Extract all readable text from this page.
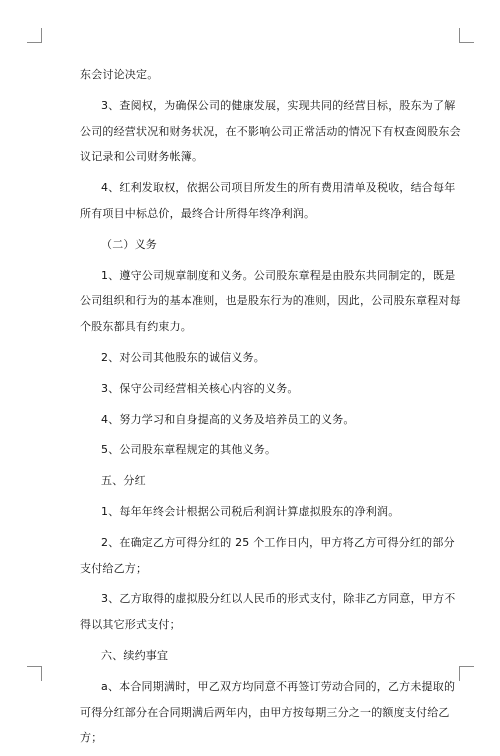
东会讨论决定。

3、查阅权，为确保公司的健康发展，实现共同的经营目标，股东为了解公司的经营状况和财务状况，在不影响公司正常活动的情况下有权查阅股东会议记录和公司财务帐簿。

4、红利发取权，依据公司项目所发生的所有费用清单及税收，结合每年所有项目中标总价，最终合计所得年终净利润。

（二）义务

1、遵守公司规章制度和义务。公司股东章程是由股东共同制定的，既是公司组织和行为的基本准则，也是股东行为的准则，因此，公司股东章程对每个股东都具有约束力。

2、对公司其他股东的诚信义务。

3、保守公司经营相关核心内容的义务。

4、努力学习和自身提高的义务及培养员工的义务。

5、公司股东章程规定的其他义务。

五、分红

1、每年年终会计根据公司税后利润计算虚拟股东的净利润。

2、在确定乙方可得分红的 25 个工作日内，甲方将乙方可得分红的部分支付给乙方；

3、乙方取得的虚拟股分红以人民币的形式支付，除非乙方同意，甲方不得以其它形式支付；

六、续约事宜

a、本合同期满时，甲乙双方均同意不再签订劳动合同的，乙方未提取的可得分红部分在合同期满后两年内，由甲方按每期三分之一的额度支付给乙方；
